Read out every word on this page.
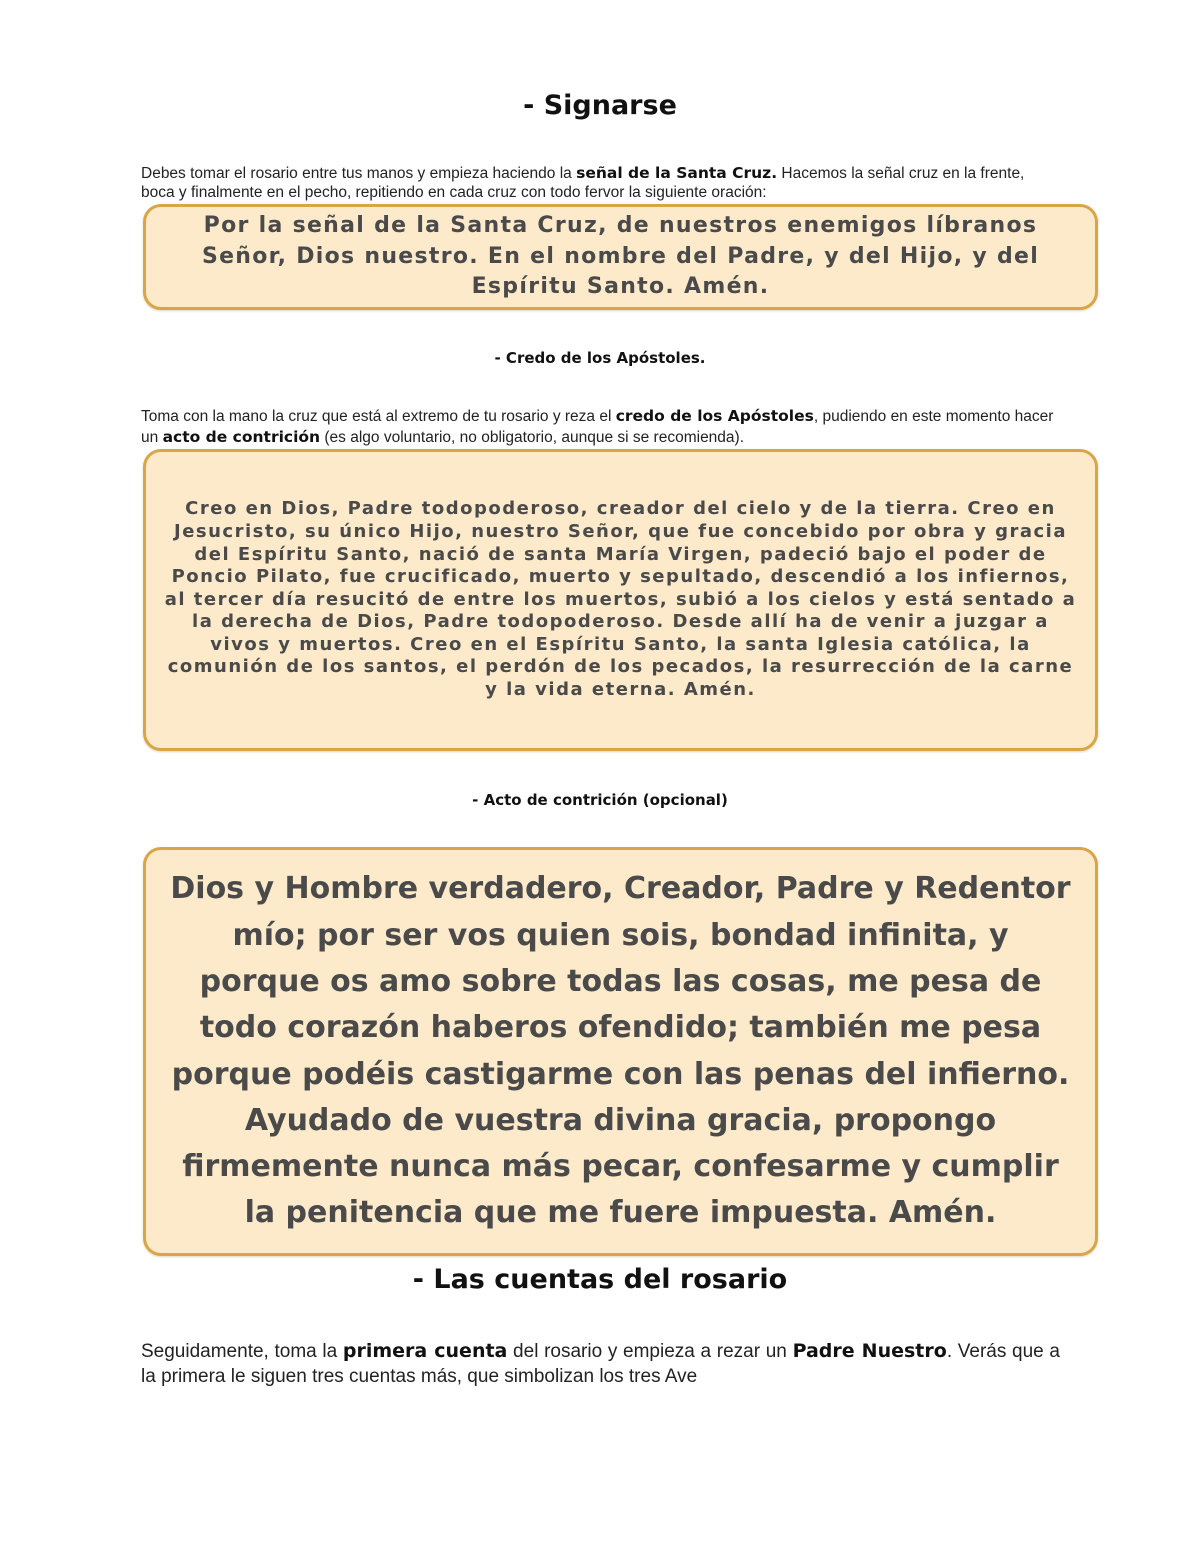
- Signarse

Debes tomar el rosario entre tus manos y empieza haciendo la señal de la Santa Cruz. Hacemos la señal cruz en la frente, boca y finalmente en el pecho, repitiendo en cada cruz con todo fervor la siguiente oración:

Por la señal de la Santa Cruz, de nuestros enemigos líbranos Señor, Dios nuestro. En el nombre del Padre, y del Hijo, y del Espíritu Santo. Amén.

- Credo de los Apóstoles.

Toma con la mano la cruz que está al extremo de tu rosario y reza el credo de los Apóstoles, pudiendo en este momento hacer un acto de contrición (es algo voluntario, no obligatorio, aunque si se recomienda).

Creo en Dios, Padre todopoderoso, creador del cielo y de la tierra. Creo en Jesucristo, su único Hijo, nuestro Señor, que fue concebido por obra y gracia del Espíritu Santo, nació de santa María Virgen, padeció bajo el poder de Poncio Pilato, fue crucificado, muerto y sepultado, descendió a los infiernos, al tercer día resucitó de entre los muertos, subió a los cielos y está sentado a la derecha de Dios, Padre todopoderoso. Desde allí ha de venir a juzgar a vivos y muertos. Creo en el Espíritu Santo, la santa Iglesia católica, la comunión de los santos, el perdón de los pecados, la resurrección de la carne y la vida eterna. Amén.

- Acto de contrición (opcional)

Dios y Hombre verdadero, Creador, Padre y Redentor mío; por ser vos quien sois, bondad infinita, y porque os amo sobre todas las cosas, me pesa de todo corazón haberos ofendido; también me pesa porque podéis castigarme con las penas del infierno. Ayudado de vuestra divina gracia, propongo firmemente nunca más pecar, confesarme y cumplir la penitencia que me fuere impuesta. Amén.

- Las cuentas del rosario

Seguidamente, toma la primera cuenta del rosario y empieza a rezar un Padre Nuestro. Verás que a la primera le siguen tres cuentas más, que simbolizan los tres Ave
